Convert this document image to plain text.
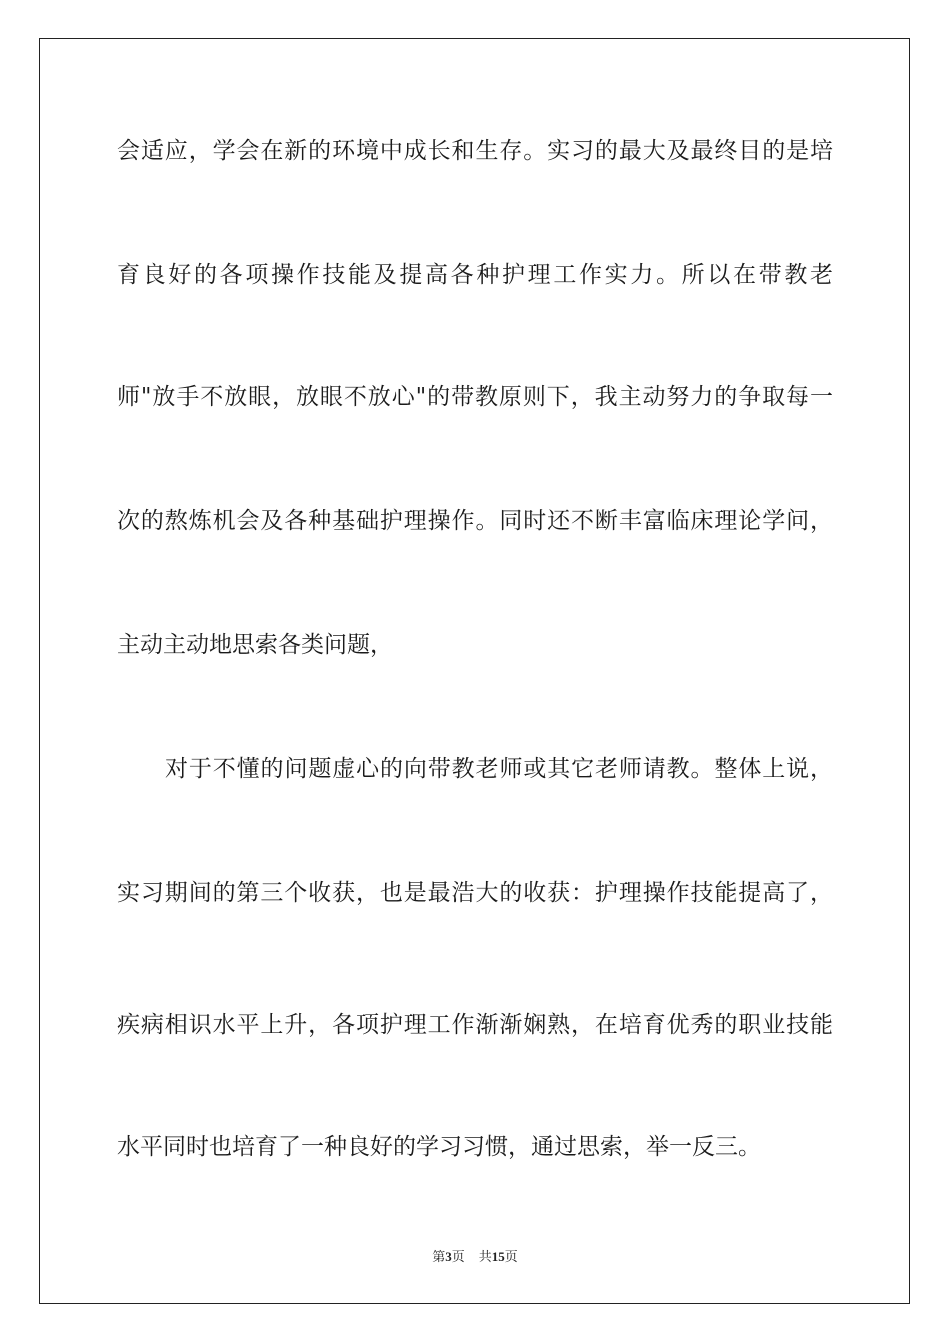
会适应，学会在新的环境中成长和生存。实习的最大及最终目的是培
育良好的各项操作技能及提高各种护理工作实力。所以在带教老
师"放手不放眼，放眼不放心"的带教原则下，我主动努力的争取每一
次的熬炼机会及各种基础护理操作。同时还不断丰富临床理论学问，
主动主动地思索各类问题，
对于不懂的问题虚心的向带教老师或其它老师请教。整体上说，
实习期间的第三个收获，也是最浩大的收获：护理操作技能提高了，
疾病相识水平上升，各项护理工作渐渐娴熟，在培育优秀的职业技能
水平同时也培育了一种良好的学习习惯，通过思索，举一反三。
第3页 共15页
